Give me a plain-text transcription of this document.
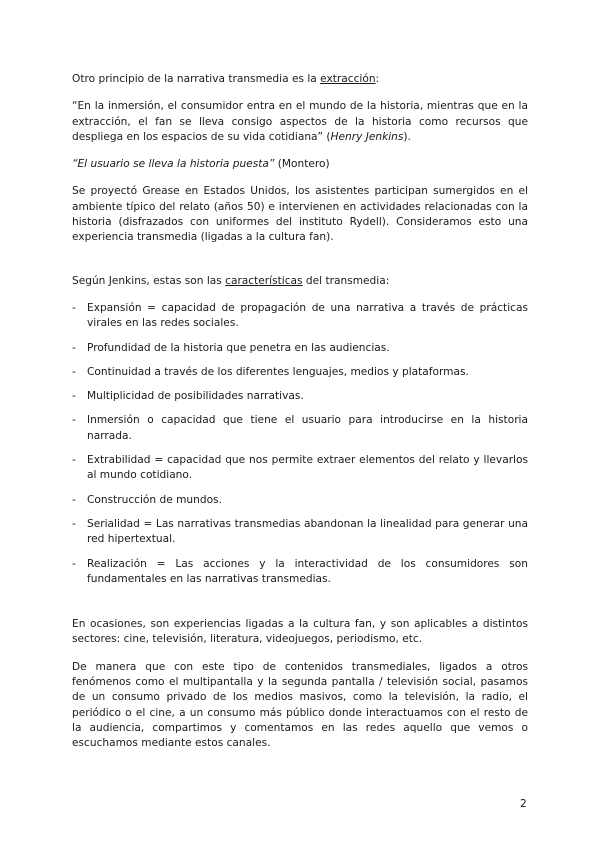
Otro principio de la narrativa transmedia es la extracción:

“En la inmersión, el consumidor entra en el mundo de la historia, mientras que en la extracción, el fan se lleva consigo aspectos de la historia como recursos que despliega en los espacios de su vida cotidiana” (Henry Jenkins).

“El usuario se lleva la historia puesta” (Montero)

Se proyectó Grease en Estados Unidos, los asistentes participan sumergidos en el ambiente típico del relato (años 50) e intervienen en actividades relacionadas con la historia (disfrazados con uniformes del instituto Rydell). Consideramos esto una experiencia transmedia (ligadas a la cultura fan).

Según Jenkins, estas son las características del transmedia:

- Expansión = capacidad de propagación de una narrativa a través de prácticas virales en las redes sociales.
- Profundidad de la historia que penetra en las audiencias.
- Continuidad a través de los diferentes lenguajes, medios y plataformas.
- Multiplicidad de posibilidades narrativas.
- Inmersión o capacidad que tiene el usuario para introducirse en la historia narrada.
- Extrabilidad = capacidad que nos permite extraer elementos del relato y llevarlos al mundo cotidiano.
- Construcción de mundos.
- Serialidad = Las narrativas transmedias abandonan la linealidad para generar una red hipertextual.
- Realización = Las acciones y la interactividad de los consumidores son fundamentales en las narrativas transmedias.

En ocasiones, son experiencias ligadas a la cultura fan, y son aplicables a distintos sectores: cine, televisión, literatura, videojuegos, periodismo, etc.

De manera que con este tipo de contenidos transmediales, ligados a otros fenómenos como el multipantalla y la segunda pantalla / televisión social, pasamos de un consumo privado de los medios masivos, como la televisión, la radio, el periódico o el cine, a un consumo más público donde interactuamos con el resto de la audiencia, compartimos y comentamos en las redes aquello que vemos o escuchamos mediante estos canales.

2
